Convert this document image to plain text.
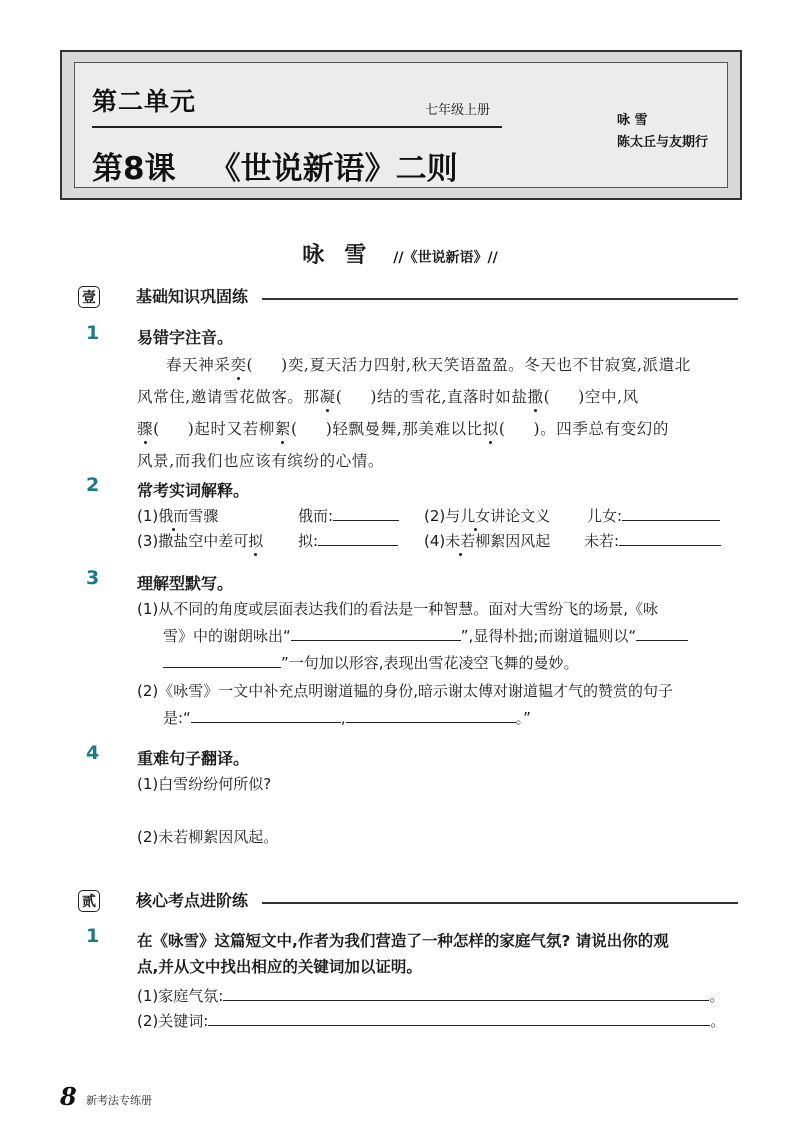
第二单元	七年级上册
第8课 《世说新语》二则
咏 雪
陈太丘与友期行
咏雪 //《世说新语》//
壹	基础知识巩固练
1 易错字注音。
春天神采奕( )奕,夏天活力四射,秋天笑语盈盈。冬天也不甘寂寞,派遣北
风常住,邀请雪花做客。那凝( )结的雪花,直落时如盐撒( )空中,风
骤( )起时又若柳絮( )轻飘曼舞,那美难以比拟( )。四季总有变幻的
风景,而我们也应该有缤纷的心情。
2 常考实词解释。
(1)俄而雪骤	俄而:	(2)与儿女讲论文义 儿女:
(3)撒盐空中差可拟 拟:	(4)未若柳絮因风起 未若:
3 理解型默写。
(1)从不同的角度或层面表达我们的看法是一种智慧。面对大雪纷飞的场景,《咏
雪》中的谢朗咏出“	”,显得朴拙;而谢道韫则以“
”一句加以形容,表现出雪花凌空飞舞的曼妙。
(2)《咏雪》一文中补充点明谢道韫的身份,暗示谢太傅对谢道韫才气的赞赏的句子
是:“	,	。”
4 重难句子翻译。
(1)白雪纷纷何所似?
(2)未若柳絮因风起。
贰	核心考点进阶练
1 在《咏雪》这篇短文中,作者为我们营造了一种怎样的家庭气氛? 请说出你的观
点,并从文中找出相应的关键词加以证明。
(1)家庭气氛:	。
(2)关键词:	。
8 新考法专练册
